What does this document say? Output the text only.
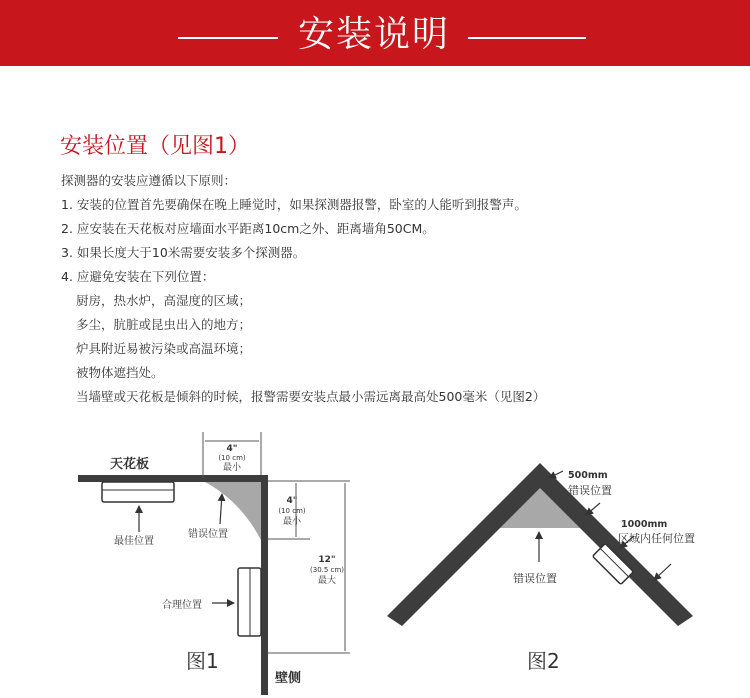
安装说明
安装位置（见图1）
探测器的安装应遵循以下原则：
1. 安装的位置首先要确保在晚上睡觉时，如果探测器报警，卧室的人能听到报警声。
2. 应安装在天花板对应墙面水平距离10cm之外、距离墙角50CM。
3. 如果长度大于10米需要安装多个探测器。
4. 应避免安装在下列位置：
厨房，热水炉，高湿度的区域；
多尘，肮脏或昆虫出入的地方；
炉具附近易被污染或高温环境；
被物体遮挡处。
当墙壁或天花板是倾斜的时候，报警需要安装点最小需远离最高处500毫米（见图2）
天花板
最佳位置
错误位置
合理位置
壁侧
图1
4"
(10 cm)
最小
4"
(10 cm)
最小
12"
(30.5 cm)
最大
500mm
错误位置
1000mm
区域内任何位置
错误位置
图2
